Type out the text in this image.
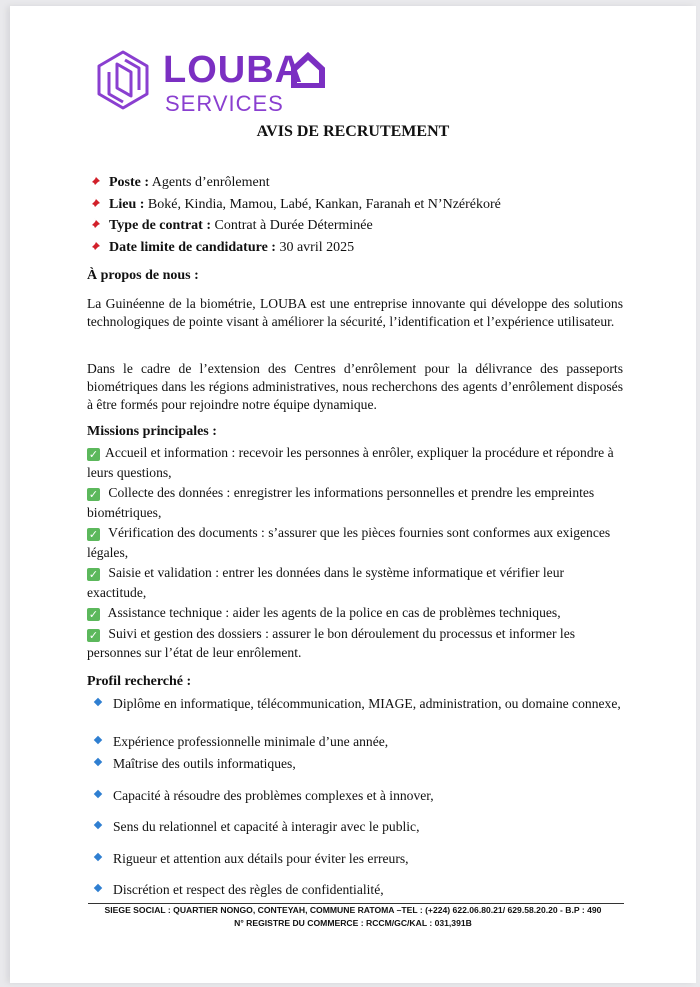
LOUBA
SERVICES
AVIS DE RECRUTEMENT
Poste : Agents d’enrôlement
Lieu : Boké, Kindia, Mamou, Labé, Kankan, Faranah et N’Nzérékoré
Type de contrat : Contrat à Durée Déterminée
Date limite de candidature : 30 avril 2025
À propos de nous :
La Guinéenne de la biométrie, LOUBA est une entreprise innovante qui développe des solutions technologiques de pointe visant à améliorer la sécurité, l’identification et l’expérience utilisateur.
Dans le cadre de l’extension des Centres d’enrôlement pour la délivrance des passeports biométriques dans les régions administratives, nous recherchons des agents d’enrôlement disposés à être formés pour rejoindre notre équipe dynamique.
Missions principales :
✓ Accueil et information : recevoir les personnes à enrôler, expliquer la procédure et répondre à leurs questions,
✓ Collecte des données : enregistrer les informations personnelles et prendre les empreintes biométriques,
✓ Vérification des documents : s’assurer que les pièces fournies sont conformes aux exigences légales,
✓ Saisie et validation : entrer les données dans le système informatique et vérifier leur exactitude,
✓ Assistance technique : aider les agents de la police en cas de problèmes techniques,
✓ Suivi et gestion des dossiers : assurer le bon déroulement du processus et informer les personnes sur l’état de leur enrôlement.
Profil recherché :
Diplôme en informatique, télécommunication, MIAGE, administration, ou domaine connexe,
Expérience professionnelle minimale d’une année,
Maîtrise des outils informatiques,
Capacité à résoudre des problèmes complexes et à innover,
Sens du relationnel et capacité à interagir avec le public,
Rigueur et attention aux détails pour éviter les erreurs,
Discrétion et respect des règles de confidentialité,
SIEGE SOCIAL : QUARTIER NONGO, CONTEYAH, COMMUNE RATOMA –TEL : (+224) 622.06.80.21/ 629.58.20.20 - B.P : 490
N° REGISTRE DU COMMERCE : RCCM/GC/KAL : 031,391B
